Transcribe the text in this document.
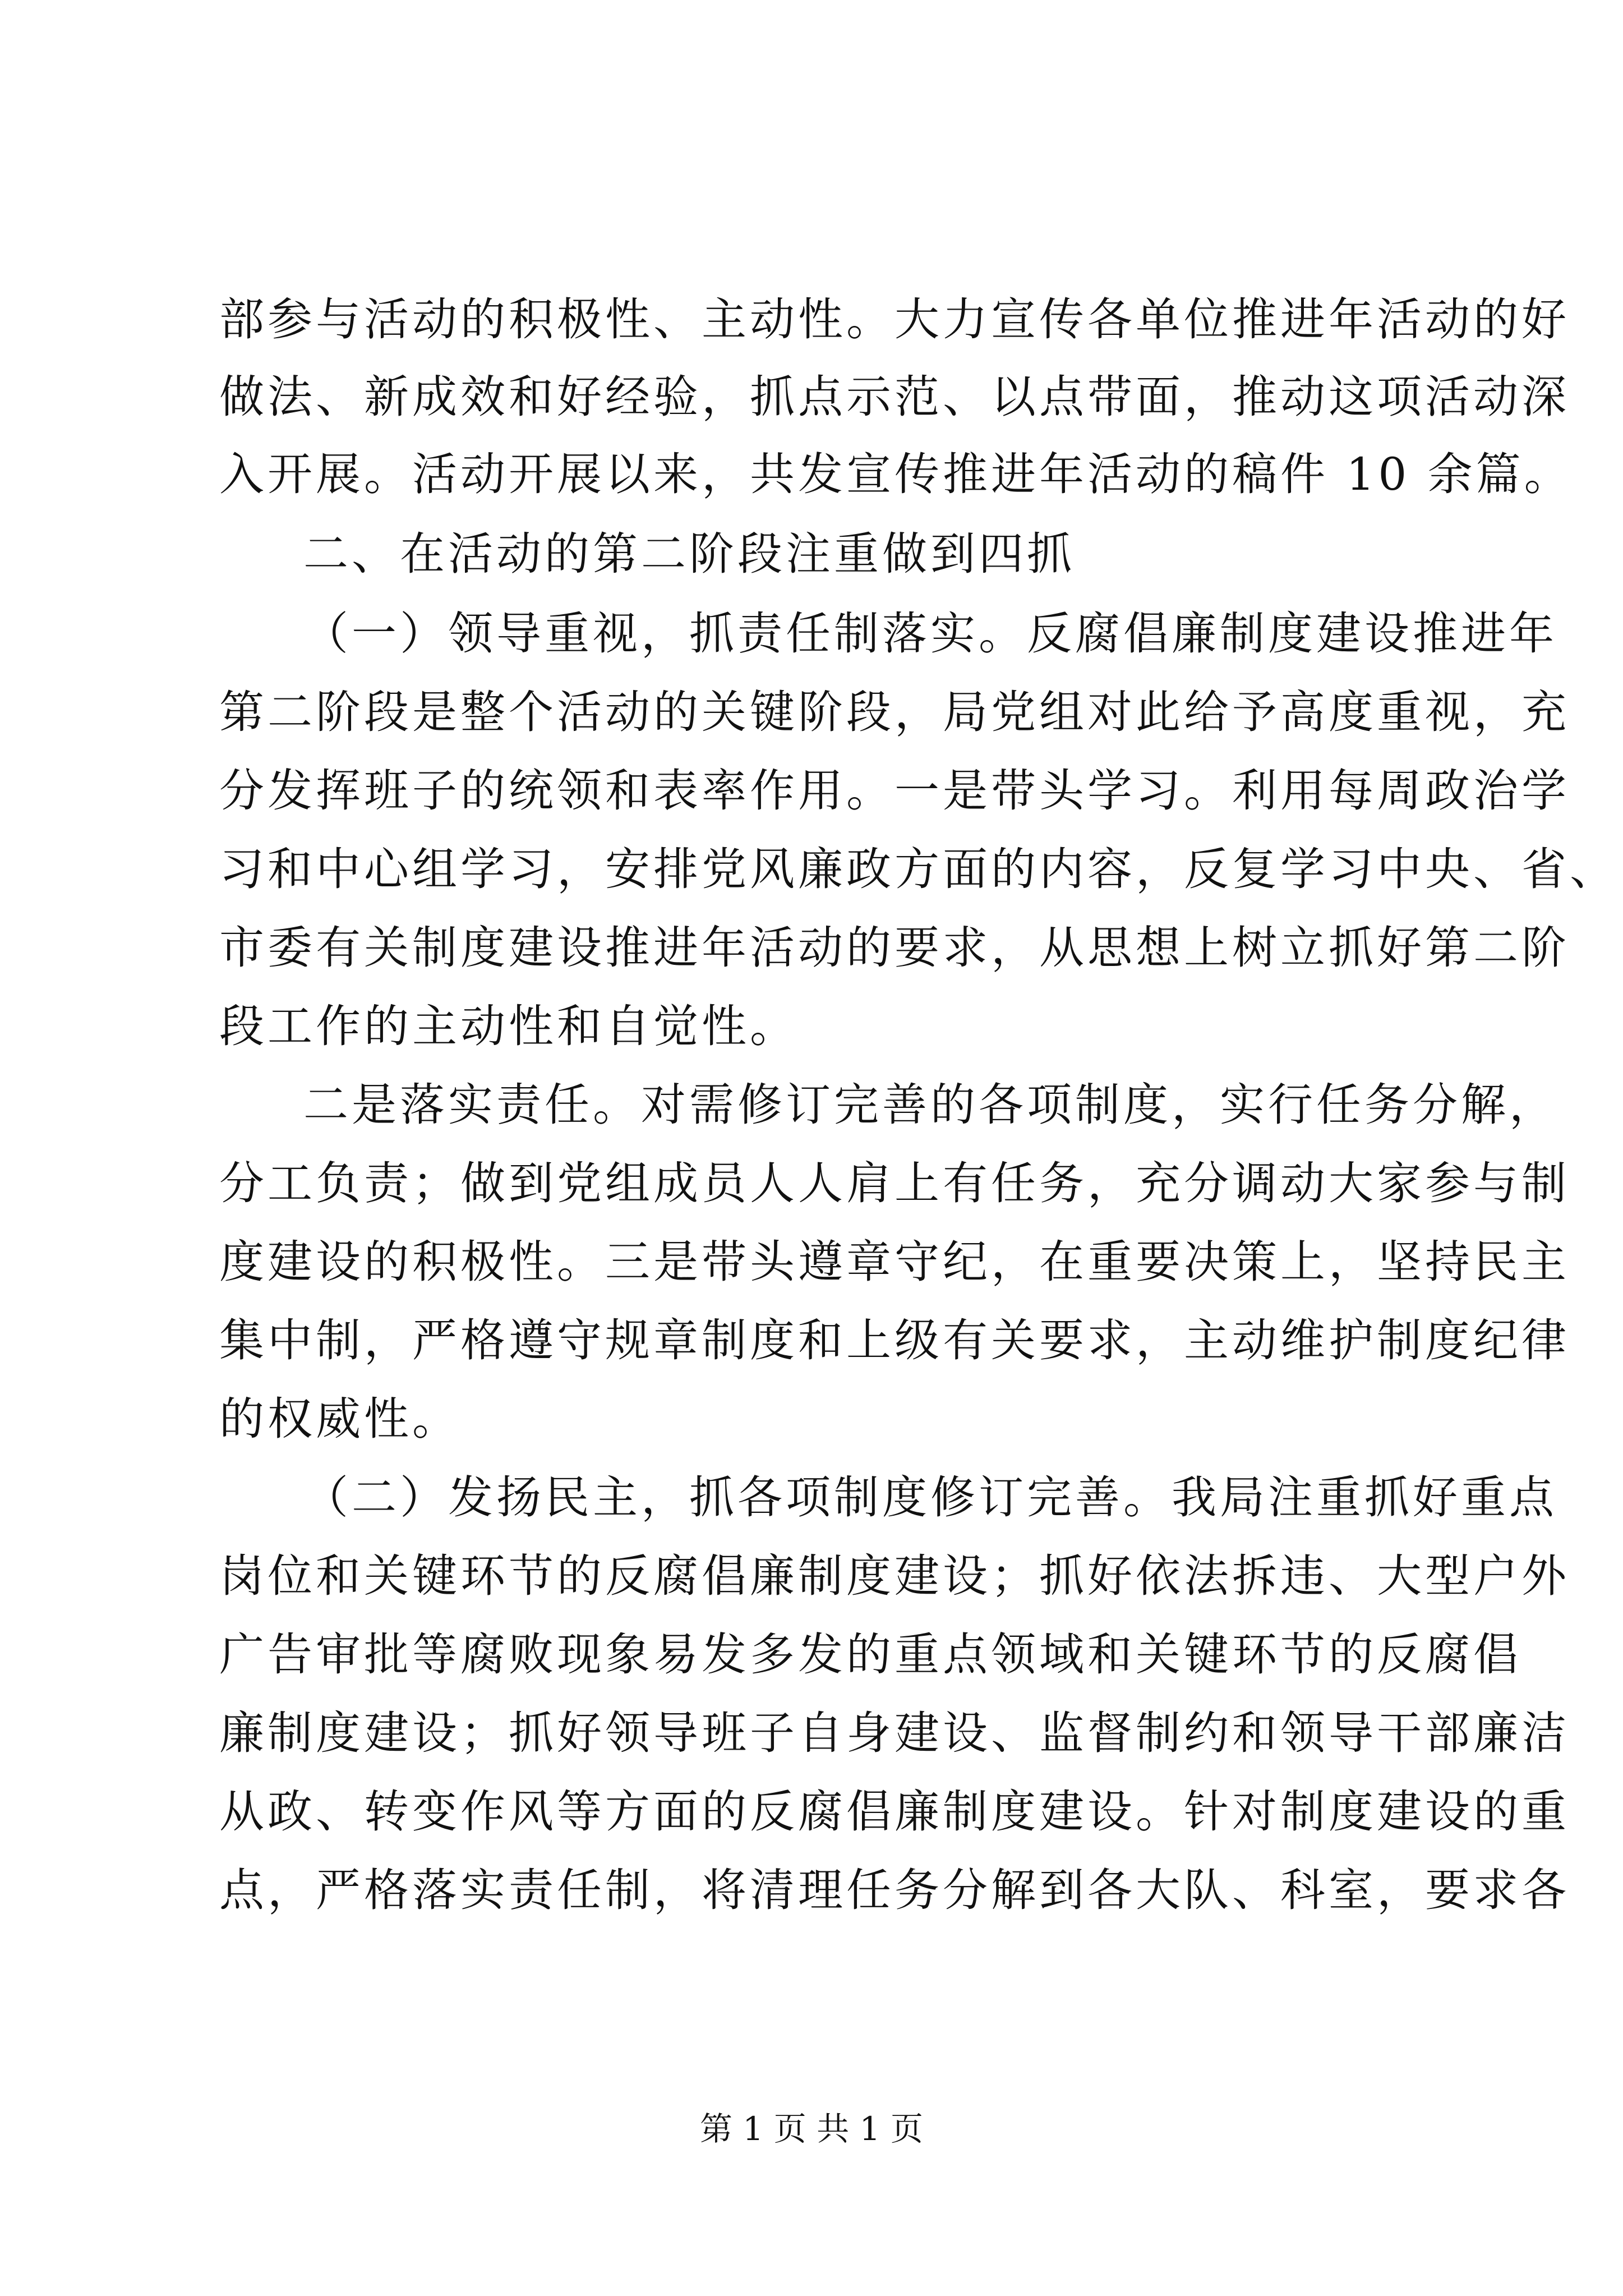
部参与活动的积极性、主动性。大力宣传各单位推进年活动的好
做法、新成效和好经验，抓点示范、以点带面，推动这项活动深
入开展。活动开展以来，共发宣传推进年活动的稿件 10 余篇。
二、在活动的第二阶段注重做到四抓
（一）领导重视，抓责任制落实。反腐倡廉制度建设推进年
第二阶段是整个活动的关键阶段，局党组对此给予高度重视，充
分发挥班子的统领和表率作用。一是带头学习。利用每周政治学
习和中心组学习，安排党风廉政方面的内容，反复学习中央、省、
市委有关制度建设推进年活动的要求，从思想上树立抓好第二阶
段工作的主动性和自觉性。
二是落实责任。对需修订完善的各项制度，实行任务分解，
分工负责；做到党组成员人人肩上有任务，充分调动大家参与制
度建设的积极性。三是带头遵章守纪，在重要决策上，坚持民主
集中制，严格遵守规章制度和上级有关要求，主动维护制度纪律
的权威性。
（二）发扬民主，抓各项制度修订完善。我局注重抓好重点
岗位和关键环节的反腐倡廉制度建设；抓好依法拆违、大型户外
广告审批等腐败现象易发多发的重点领域和关键环节的反腐倡
廉制度建设；抓好领导班子自身建设、监督制约和领导干部廉洁
从政、转变作风等方面的反腐倡廉制度建设。针对制度建设的重
点，严格落实责任制，将清理任务分解到各大队、科室，要求各
第 1 页 共 1 页
